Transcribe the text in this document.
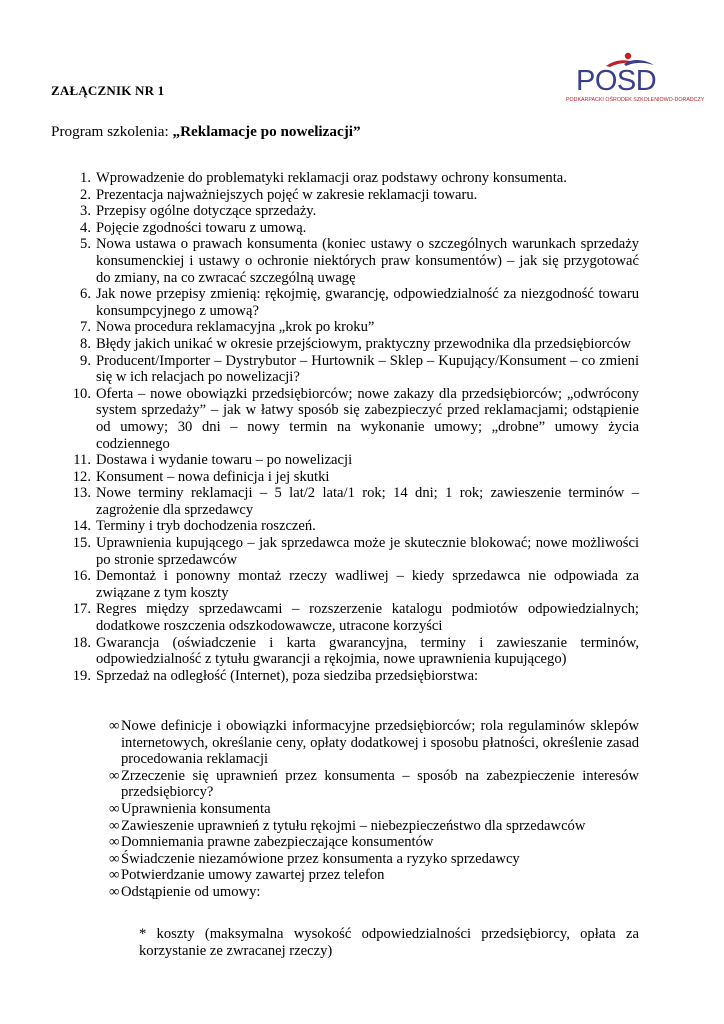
ZAŁĄCZNIK NR 1	POSD
PODKARPACKI OŚRODEK SZKOLENIOWO-DORADCZY
Program szkolenia: „Reklamacje po nowelizacji”
1. Wprowadzenie do problematyki reklamacji oraz podstawy ochrony konsumenta.
2. Prezentacja najważniejszych pojęć w zakresie reklamacji towaru.
3. Przepisy ogólne dotyczące sprzedaży.
4. Pojęcie zgodności towaru z umową.
5. Nowa ustawa o prawach konsumenta (koniec ustawy o szczególnych warunkach sprzedaży konsumenckiej i ustawy o ochronie niektórych praw konsumentów) – jak się przygotować do zmiany, na co zwracać szczególną uwagę
6. Jak nowe przepisy zmienią: rękojmię, gwarancję, odpowiedzialność za niezgodność towaru konsumpcyjnego z umową?
7. Nowa procedura reklamacyjna „krok po kroku”
8. Błędy jakich unikać w okresie przejściowym, praktyczny przewodnika dla przedsiębiorców
9. Producent/Importer – Dystrybutor – Hurtownik – Sklep – Kupujący/Konsument – co zmieni się w ich relacjach po nowelizacji?
10. Oferta – nowe obowiązki przedsiębiorców; nowe zakazy dla przedsiębiorców; „odwrócony system sprzedaży” – jak w łatwy sposób się zabezpieczyć przed reklamacjami; odstąpienie od umowy; 30 dni – nowy termin na wykonanie umowy; „drobne” umowy życia codziennego
11. Dostawa i wydanie towaru – po nowelizacji
12. Konsument – nowa definicja i jej skutki
13. Nowe terminy reklamacji – 5 lat/2 lata/1 rok; 14 dni; 1 rok; zawieszenie terminów – zagrożenie dla sprzedawcy
14. Terminy i tryb dochodzenia roszczeń.
15. Uprawnienia kupującego – jak sprzedawca może je skutecznie blokować; nowe możliwości po stronie sprzedawców
16. Demontaż i ponowny montaż rzeczy wadliwej – kiedy sprzedawca nie odpowiada za związane z tym koszty
17. Regres między sprzedawcami – rozszerzenie katalogu podmiotów odpowiedzialnych; dodatkowe roszczenia odszkodowawcze, utracone korzyści
18. Gwarancja (oświadczenie i karta gwarancyjna, terminy i zawieszanie terminów, odpowiedzialność z tytułu gwarancji a rękojmia, nowe uprawnienia kupującego)
19. Sprzedaż na odległość (Internet), poza siedziba przedsiębiorstwa:
∞ Nowe definicje i obowiązki informacyjne przedsiębiorców; rola regulaminów sklepów internetowych, określanie ceny, opłaty dodatkowej i sposobu płatności, określenie zasad procedowania reklamacji
∞ Zrzeczenie się uprawnień przez konsumenta – sposób na zabezpieczenie interesów przedsiębiorcy?
∞ Uprawnienia konsumenta
∞ Zawieszenie uprawnień z tytułu rękojmi – niebezpieczeństwo dla sprzedawców
∞ Domniemania prawne zabezpieczające konsumentów
∞ Świadczenie niezamówione przez konsumenta a ryzyko sprzedawcy
∞ Potwierdzanie umowy zawartej przez telefon
∞ Odstąpienie od umowy:
* koszty (maksymalna wysokość odpowiedzialności przedsiębiorcy, opłata za korzystanie ze zwracanej rzeczy)
